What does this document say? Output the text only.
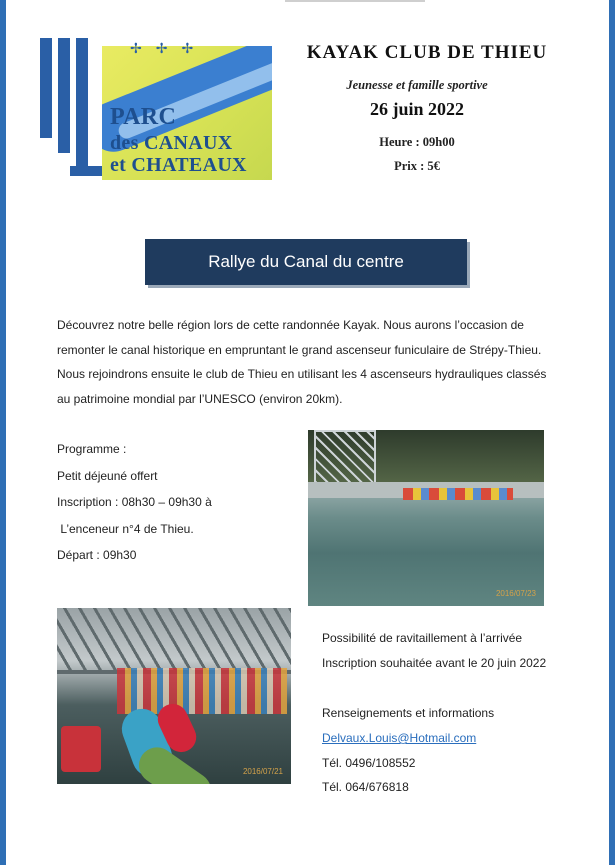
✢✢✢
PARC
des CANAUX
et CHATEAUX
KAYAK CLUB DE THIEU
Jeunesse et famille sportive
26 juin 2022
Heure : 09h00
Prix : 5€
Rallye du Canal du centre
Découvrez notre belle région lors de cette randonnée Kayak. Nous aurons l’occasion de remonter le canal historique en empruntant le grand ascenseur funiculaire de Strépy-Thieu. Nous rejoindrons ensuite le club de Thieu en utilisant les 4 ascenseurs hydrauliques classés au patrimoine mondial par l’UNESCO (environ 20km).
Programme :
Petit déjeuné offert
Inscription : 08h30 – 09h30 à
L’enceneur n°4 de Thieu.
Départ : 09h30
2016/07/23
2016/07/21
Possibilité de ravitaillement à l’arrivée
Inscription souhaitée avant le 20 juin 2022
Renseignements et informations
Delvaux.Louis@Hotmail.com
Tél. 0496/108552
Tél. 064/676818
